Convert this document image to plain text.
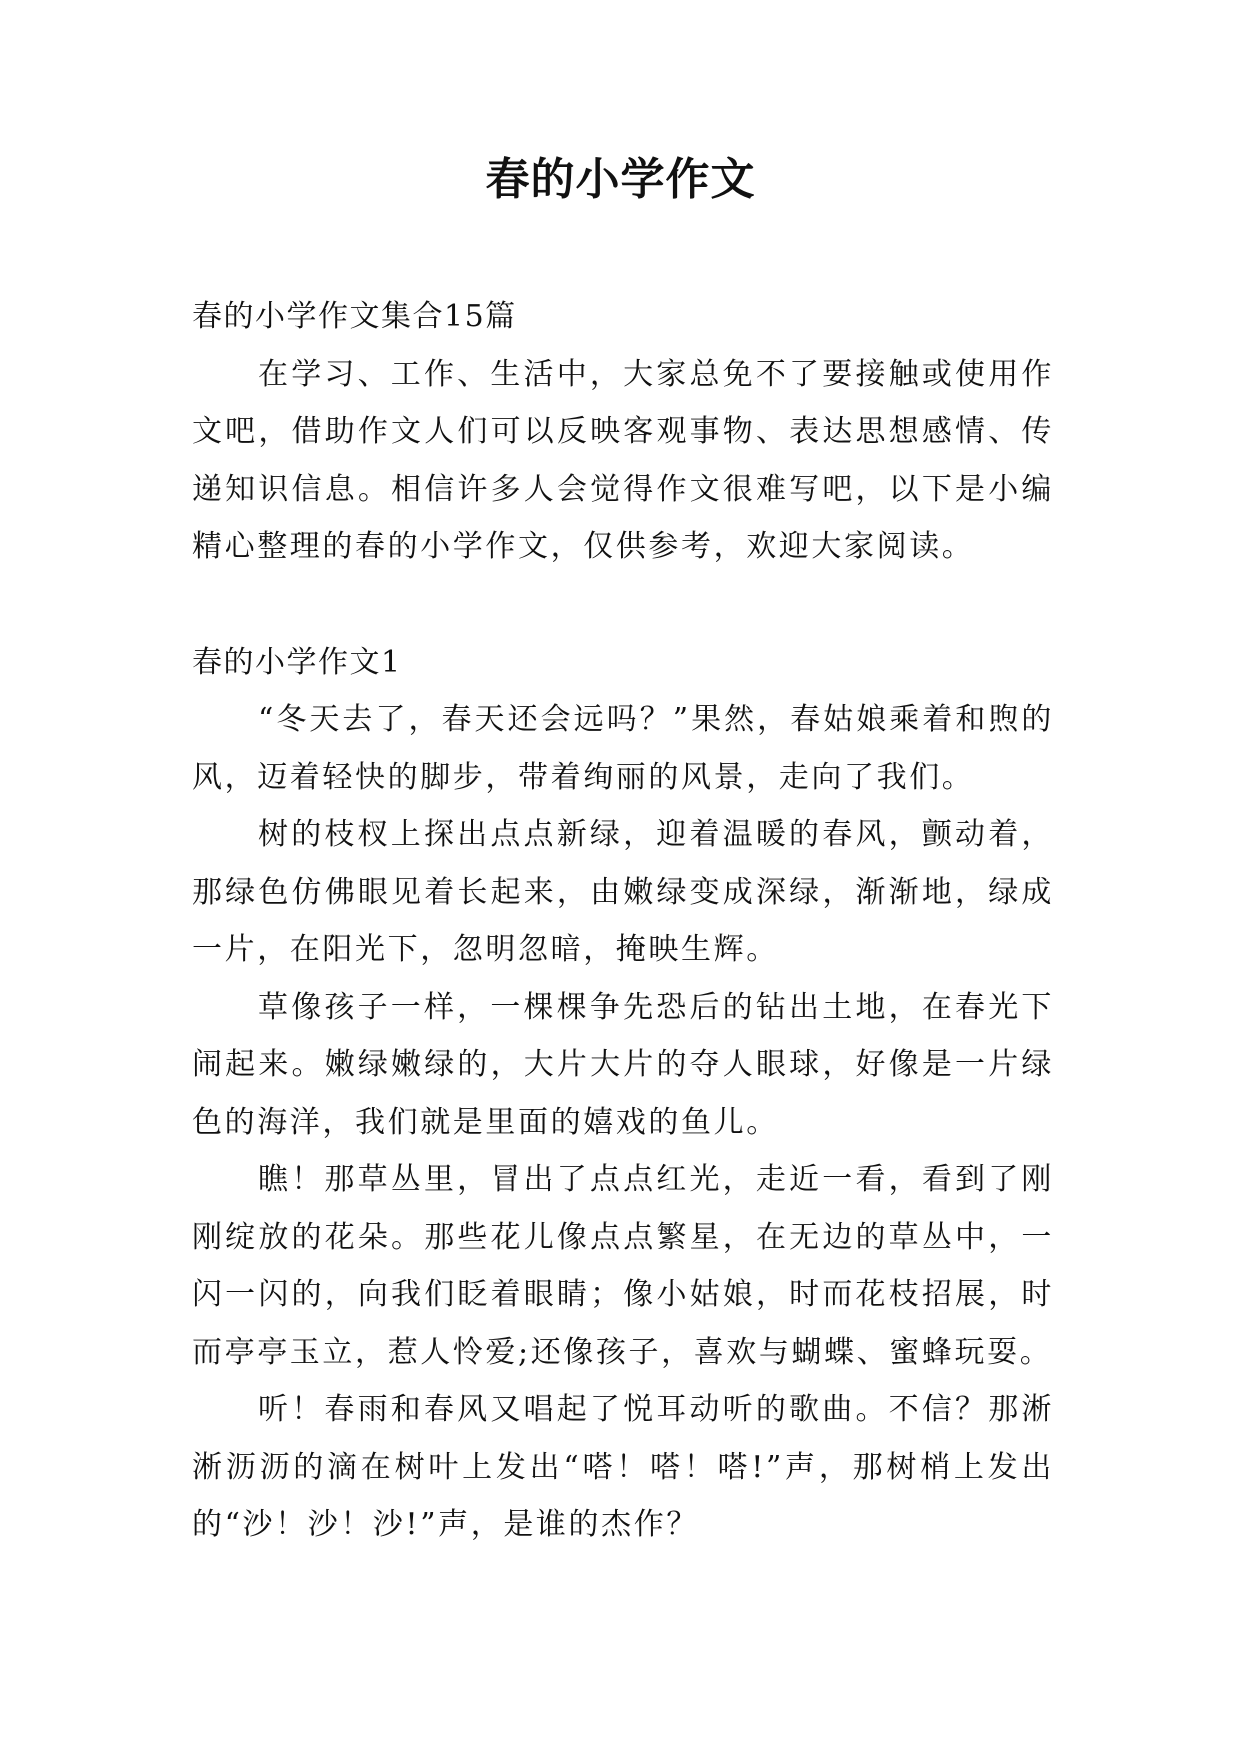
春的小学作文

春的小学作文集合15篇

在学习、工作、生活中，大家总免不了要接触或使用作文吧，借助作文人们可以反映客观事物、表达思想感情、传递知识信息。相信许多人会觉得作文很难写吧，以下是小编精心整理的春的小学作文，仅供参考，欢迎大家阅读。

春的小学作文1

“冬天去了，春天还会远吗？”果然，春姑娘乘着和煦的风，迈着轻快的脚步，带着绚丽的风景，走向了我们。

树的枝杈上探出点点新绿，迎着温暖的春风，颤动着，那绿色仿佛眼见着长起来，由嫩绿变成深绿，渐渐地，绿成一片，在阳光下，忽明忽暗，掩映生辉。

草像孩子一样，一棵棵争先恐后的钻出土地，在春光下闹起来。嫩绿嫩绿的，大片大片的夺人眼球，好像是一片绿色的海洋，我们就是里面的嬉戏的鱼儿。

瞧！那草丛里，冒出了点点红光，走近一看，看到了刚刚绽放的花朵。那些花儿像点点繁星，在无边的草丛中，一闪一闪的，向我们眨着眼睛；像小姑娘，时而花枝招展，时而亭亭玉立，惹人怜爱;还像孩子，喜欢与蝴蝶、蜜蜂玩耍。

听！春雨和春风又唱起了悦耳动听的歌曲。不信？那淅淅沥沥的滴在树叶上发出“嗒！嗒！嗒!”声，那树梢上发出的“沙！沙！沙!”声，是谁的杰作？
